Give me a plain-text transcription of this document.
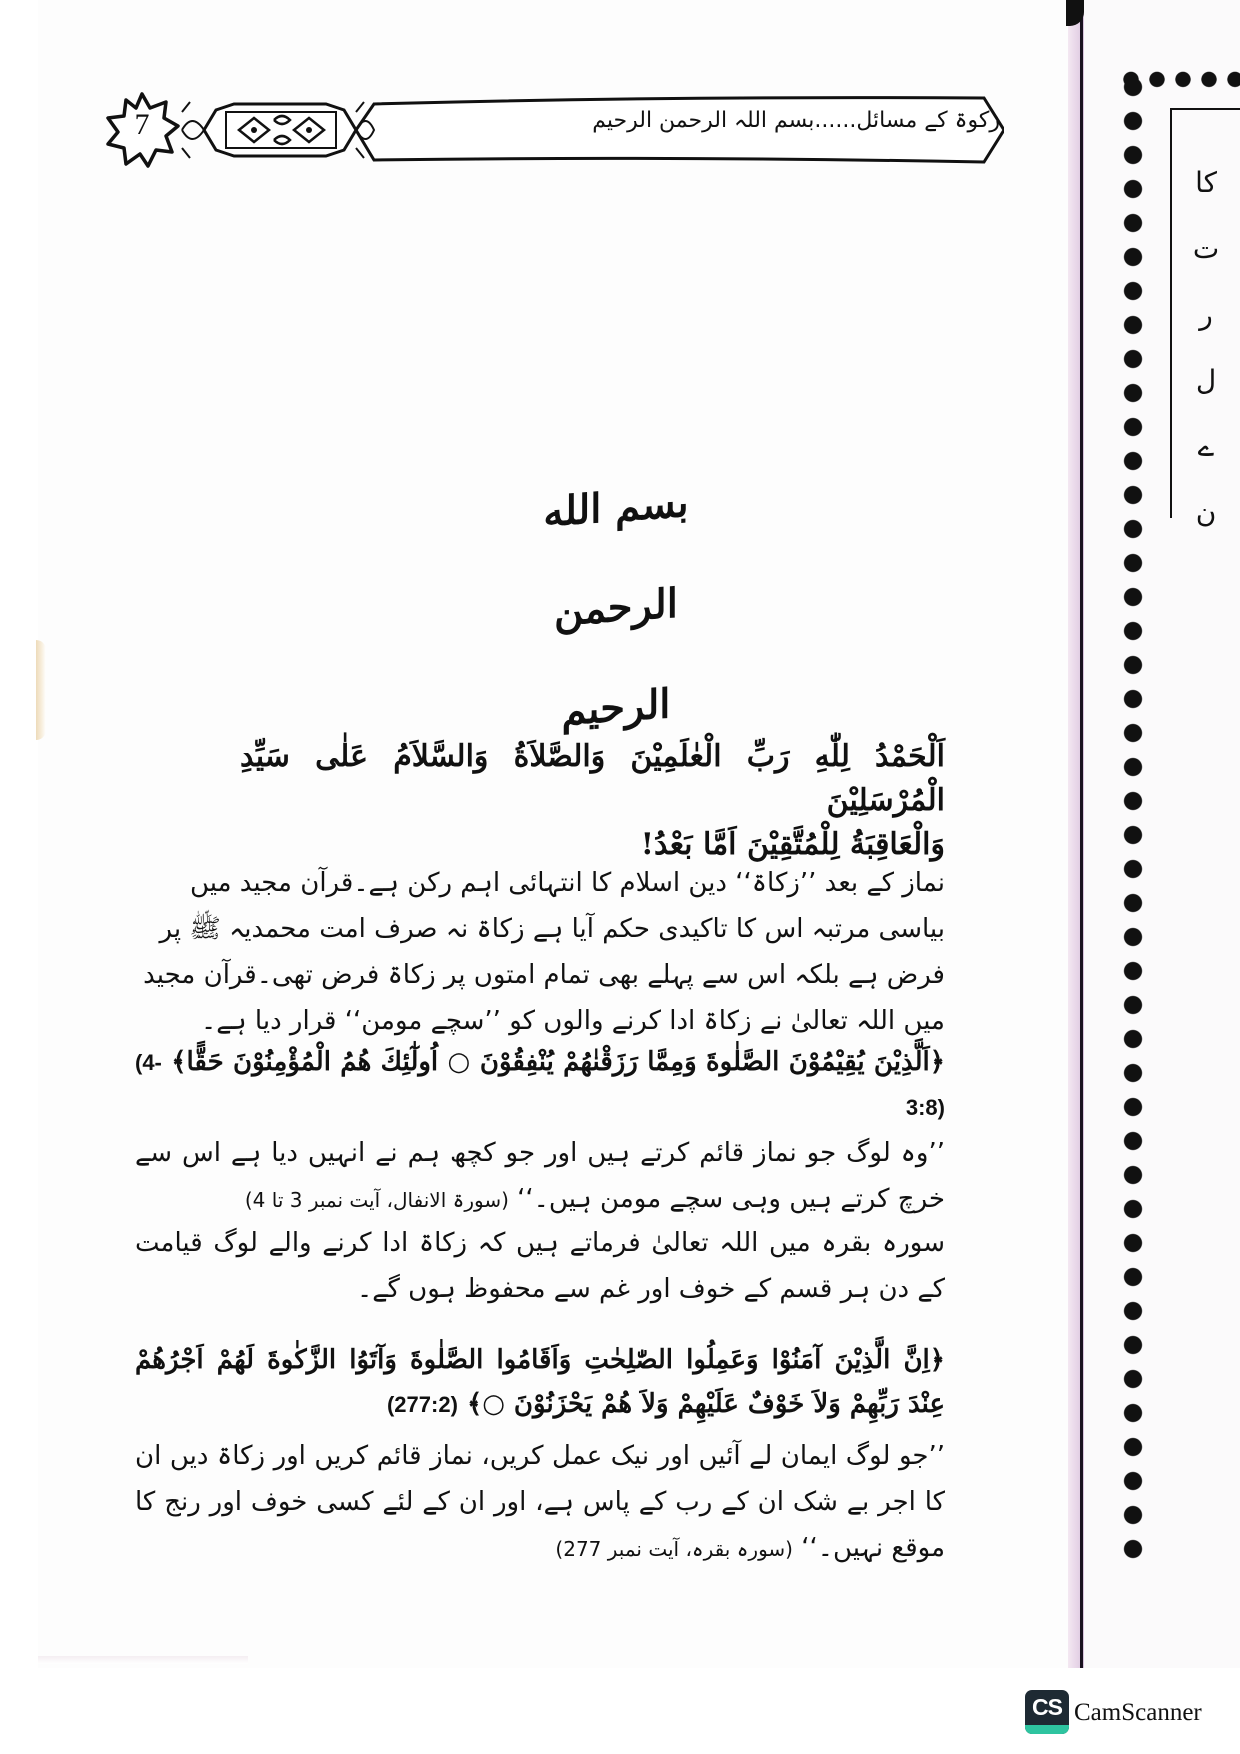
کا
ت
ر
ل
ے
ن
7	زکوۃ کے مسائل......بسم اللہ الرحمن الرحیم
بسم الله الرحمن الرحيم
اَلْحَمْدُ لِلّٰهِ رَبِّ الْعٰلَمِيْنَ وَالصَّلاَةُ وَالسَّلاَمُ عَلٰى سَيِّدِ الْمُرْسَلِيْنَ
وَالْعَاقِبَةُ لِلْمُتَّقِيْنَ اَمَّا بَعْدُ!
نماز کے بعد ’’زکاۃ‘‘ دین اسلام کا انتہائی اہم رکن ہے۔قرآن مجید میں بیاسی مرتبہ اس کا تاکیدی حکم آیا ہے زکاۃ نہ صرف امت محمدیہ ﷺ پر فرض ہے بلکہ اس سے پہلے بھی تمام امتوں پر زکاۃ فرض تھی۔قرآن مجید میں اللہ تعالیٰ نے زکاۃ ادا کرنے والوں کو ’’سچے مومن‘‘ قرار دیا ہے۔
﴿اَلَّذِيْنَ يُقِيْمُوْنَ الصَّلٰوةَ وَمِمَّا رَزَقْنٰهُمْ يُنْفِقُوْنَ ○ اُولٰٓئِكَ هُمُ الْمُؤْمِنُوْنَ حَقًّا﴾ (4-3:8)
’’وہ لوگ جو نماز قائم کرتے ہیں اور جو کچھ ہم نے انہیں دیا ہے اس سے خرچ کرتے ہیں وہی سچے مومن ہیں۔‘‘ (سورۃ الانفال، آیت نمبر 3 تا 4)
سورہ بقرہ میں اللہ تعالیٰ فرماتے ہیں کہ زکاۃ ادا کرنے والے لوگ قیامت کے دن ہر قسم کے خوف اور غم سے محفوظ ہوں گے۔
﴿اِنَّ الَّذِيْنَ آمَنُوْا وَعَمِلُوا الصّٰلِحٰتِ وَاَقَامُوا الصَّلٰوةَ وَآتَوُا الزَّكٰوةَ لَهُمْ اَجْرُهُمْ عِنْدَ رَبِّهِمْ وَلاَ خَوْفٌ عَلَيْهِمْ وَلاَ هُمْ يَحْزَنُوْنَ ○﴾ (277:2)
’’جو لوگ ایمان لے آئیں اور نیک عمل کریں، نماز قائم کریں اور زکاۃ دیں ان کا اجر بے شک ان کے رب کے پاس ہے، اور ان کے لئے کسی خوف اور رنج کا موقع نہیں۔‘‘ (سورہ بقرہ، آیت نمبر 277)
CS CamScanner
